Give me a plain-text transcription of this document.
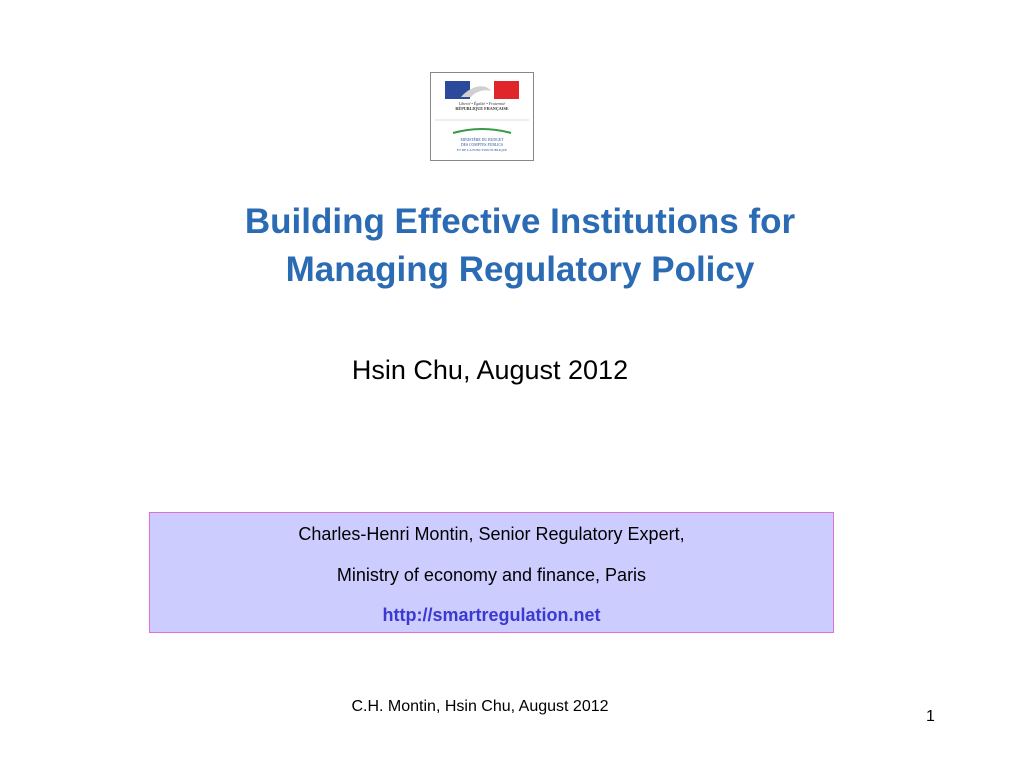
Liberté • Égalité • Fraternité
RÉPUBLIQUE FRANÇAISE
MINISTÈRE DU BUDGET
DES COMPTES PUBLICS
ET DE LA FONCTION PUBLIQUE
Building Effective Institutions for
Managing Regulatory Policy
Hsin Chu, August 2012
Charles-Henri Montin, Senior Regulatory Expert,
Ministry of economy and finance, Paris
http://smartregulation.net
C.H. Montin, Hsin Chu, August 2012
1
